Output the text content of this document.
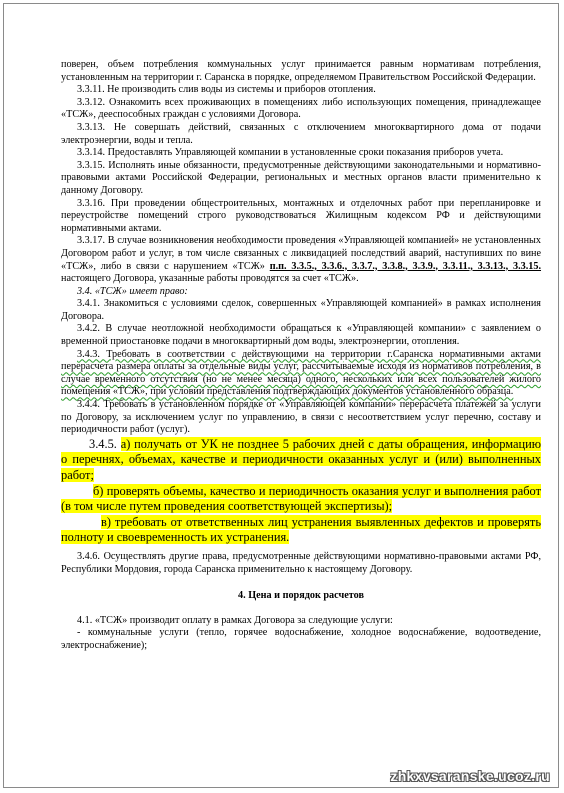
поверен, объем потребления коммунальных услуг принимается равным нормативам потребления, установленным на территории г. Саранска в порядке, определяемом Правительством Российской Федерации.

3.3.11. Не производить слив воды из системы и приборов отопления.

3.3.12. Ознакомить всех проживающих в помещениях либо использующих помещения, принадлежащее «ТСЖ», дееспособных граждан с условиями Договора.

3.3.13. Не совершать действий, связанных с отключением многоквартирного дома от подачи электроэнергии, воды и тепла.

3.3.14. Предоставлять Управляющей компании в установленные сроки показания приборов учета.

3.3.15. Исполнять иные обязанности, предусмотренные действующими законодательными и нормативно-правовыми актами Российской Федерации, региональных и местных органов власти применительно к данному Договору.

3.3.16. При проведении общестроительных, монтажных и отделочных работ при перепланировке и переустройстве помещений строго руководствоваться Жилищным кодексом РФ и действующими нормативными актами.

3.3.17. В случае возникновения необходимости проведения «Управляющей компанией» не установленных Договором работ и услуг, в том числе связанных с ликвидацией последствий аварий, наступивших по вине «ТСЖ», либо в связи с нарушением «ТСЖ» п.п. 3.3.5., 3.3.6., 3.3.7., 3.3.8., 3.3.9., 3.3.11., 3.3.13., 3.3.15. настоящего Договора, указанные работы проводятся за счет «ТСЖ».

3.4. «ТСЖ» имеет право:

3.4.1. Знакомиться с условиями сделок, совершенных «Управляющей компанией» в рамках исполнения Договора.

3.4.2. В случае неотложной необходимости обращаться к «Управляющей компании» с заявлением о временной приостановке подачи в многоквартирный дом воды, электроэнергии, отопления.

3.4.3. Требовать в соответствии с действующими на территории г.Саранска нормативными актами перерасчета размера оплаты за отдельные виды услуг, рассчитываемые исходя из нормативов потребления, в случае временного отсутствия (но не менее месяца) одного, нескольких или всех пользователей жилого помещения «ТСЖ», при условии представления подтверждающих документов установленного образца.

3.4.4. Требовать в установленном порядке от «Управляющей компании» перерасчета платежей за услуги по Договору, за исключением услуг по управлению, в связи с несоответствием услуг перечню, составу и периодичности работ (услуг).

3.4.5. а) получать от УК не позднее 5 рабочих дней с даты обращения, информацию о перечнях, объемах, качестве и периодичности оказанных услуг и (или) выполненных работ;

б) проверять объемы, качество и периодичность оказания услуг и выполнения работ (в том числе путем проведения соответствующей экспертизы);

в) требовать от ответственных лиц устранения выявленных дефектов и проверять полноту и своевременность их устранения.

3.4.6. Осуществлять другие права, предусмотренные действующими нормативно-правовыми актами РФ, Республики Мордовия, города Саранска применительно к настоящему Договору.

4. Цена и порядок расчетов

4.1. «ТСЖ» производит оплату в рамках Договора за следующие услуги:

- коммунальные услуги (тепло, горячее водоснабжение, холодное водоснабжение, водоотведение, электроснабжение);

zhkxvsaranske.ucoz.ru
